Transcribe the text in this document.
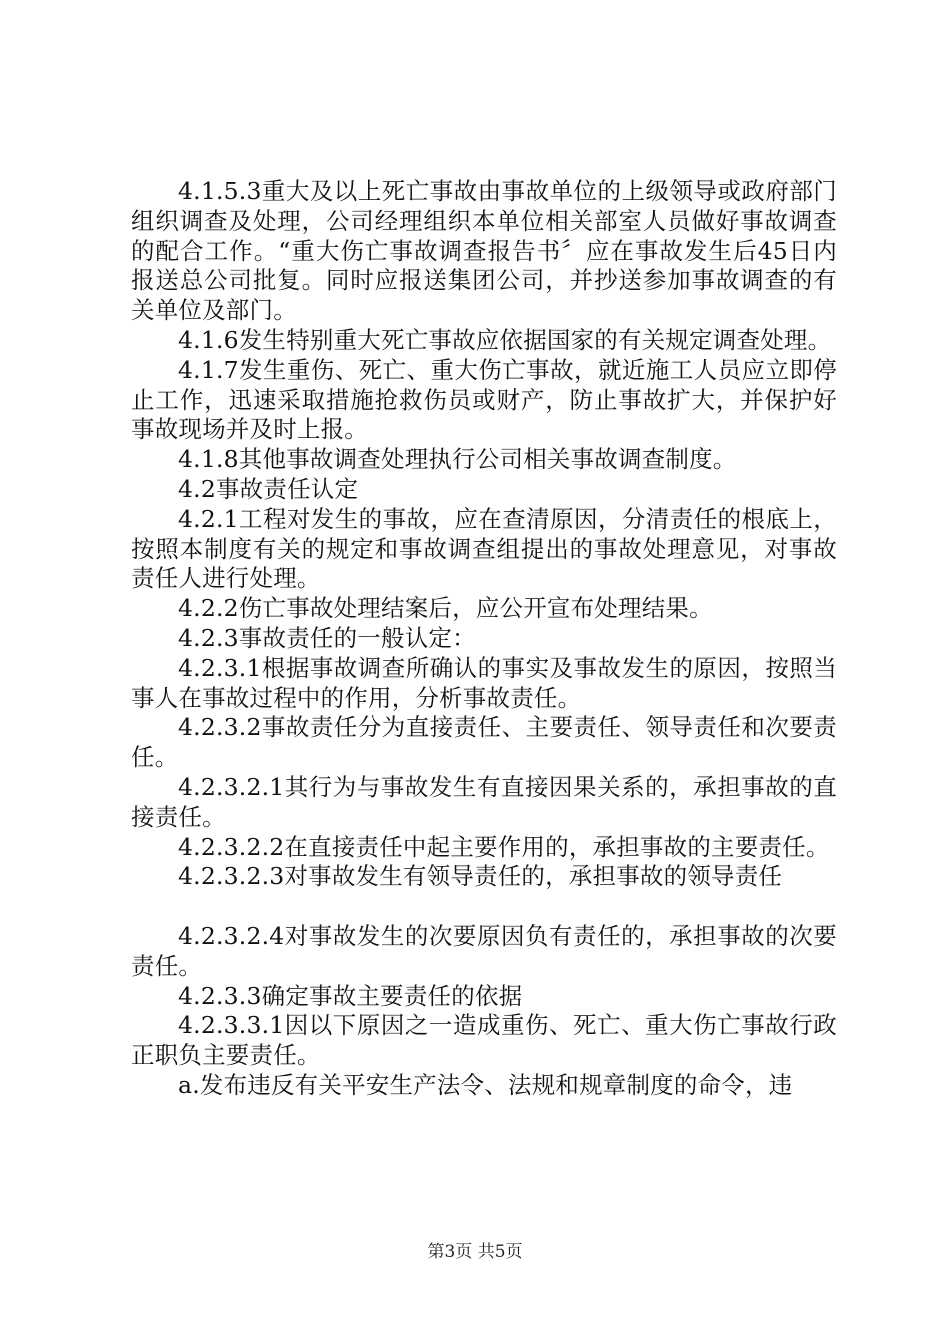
4.1.5.3重大及以上死亡事故由事故单位的上级领导或政府部门组织调查及处理，公司经理组织本单位相关部室人员做好事故调查的配合工作。“重大伤亡事故调查报告书〞应在事故发生后45日内报送总公司批复。同时应报送集团公司，并抄送参加事故调查的有关单位及部门。

4.1.6发生特别重大死亡事故应依据国家的有关规定调查处理。

4.1.7发生重伤、死亡、重大伤亡事故，就近施工人员应立即停止工作，迅速采取措施抢救伤员或财产，防止事故扩大，并保护好事故现场并及时上报。

4.1.8其他事故调查处理执行公司相关事故调查制度。

4.2事故责任认定

4.2.1工程对发生的事故，应在查清原因，分清责任的根底上，按照本制度有关的规定和事故调查组提出的事故处理意见，对事故责任人进行处理。

4.2.2伤亡事故处理结案后，应公开宣布处理结果。

4.2.3事故责任的一般认定：

4.2.3.1根据事故调查所确认的事实及事故发生的原因，按照当事人在事故过程中的作用，分析事故责任。

4.2.3.2事故责任分为直接责任、主要责任、领导责任和次要责任。

4.2.3.2.1其行为与事故发生有直接因果关系的，承担事故的直接责任。

4.2.3.2.2在直接责任中起主要作用的，承担事故的主要责任。

4.2.3.2.3对事故发生有领导责任的，承担事故的领导责任

4.2.3.2.4对事故发生的次要原因负有责任的，承担事故的次要责任。

4.2.3.3确定事故主要责任的依据

4.2.3.3.1因以下原因之一造成重伤、死亡、重大伤亡事故行政正职负主要责任。

a.发布违反有关平安生产法令、法规和规章制度的命令，违

第3页 共5页
